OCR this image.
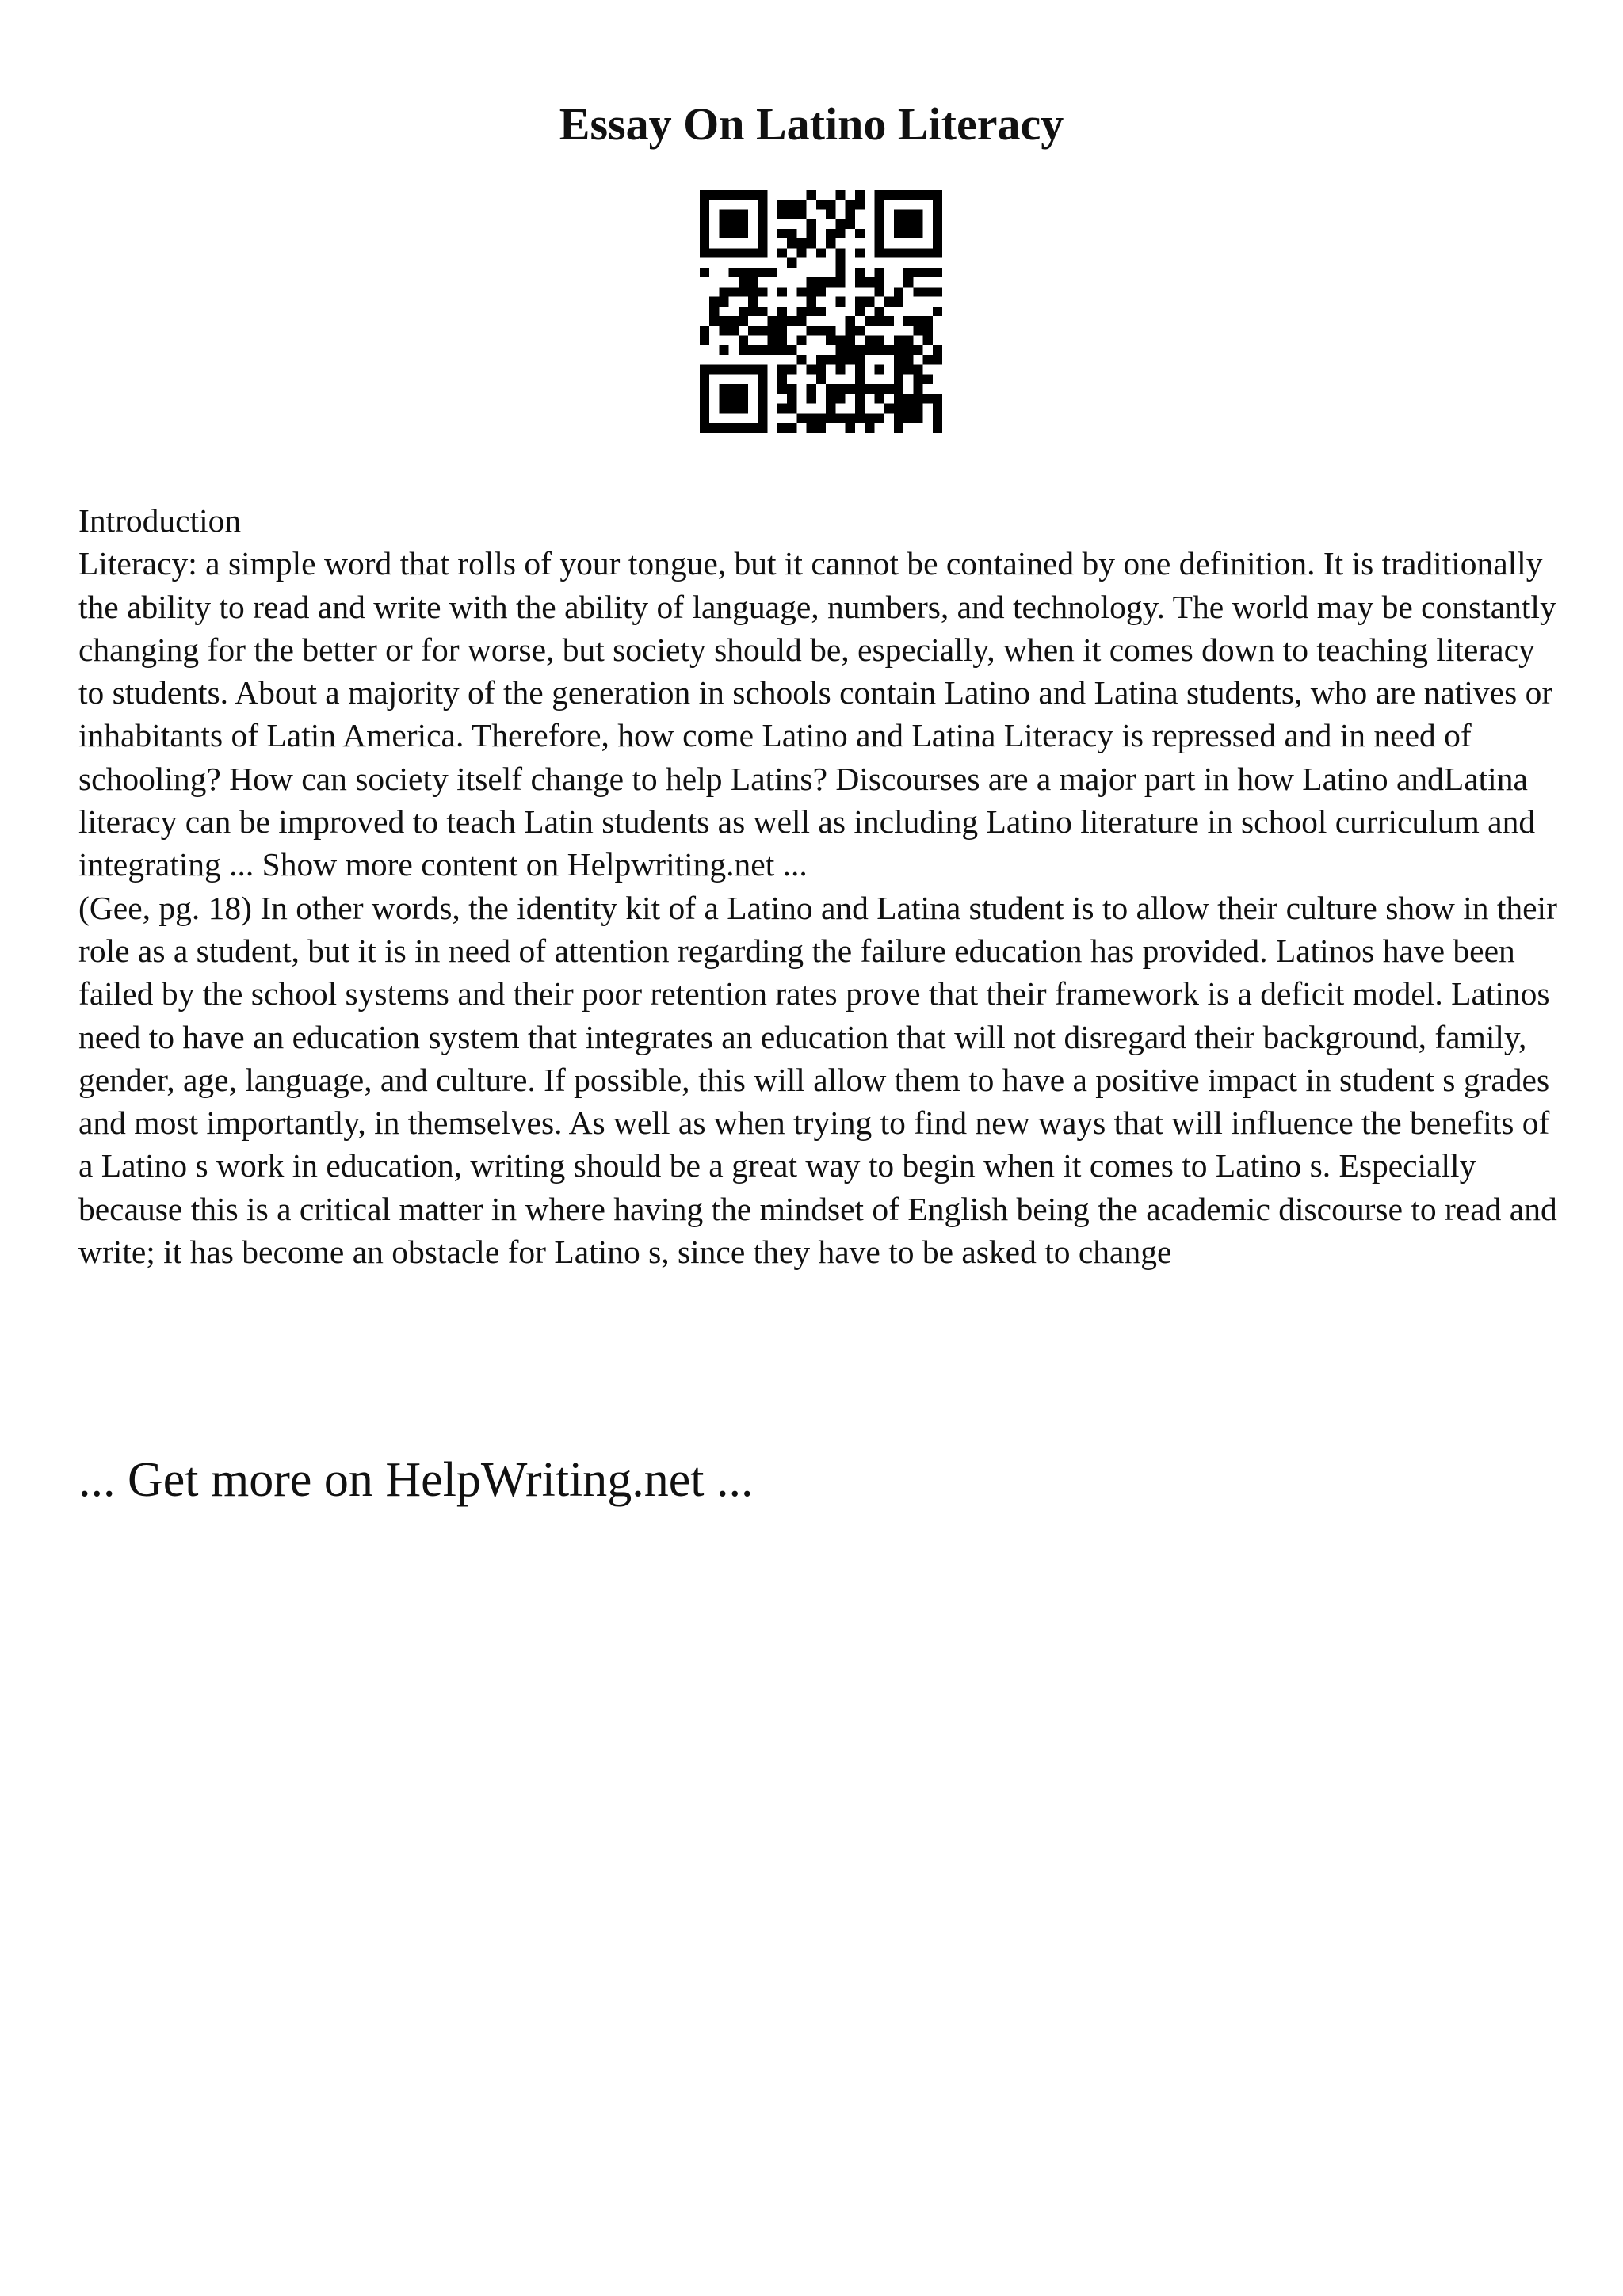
Essay On Latino Literacy

Introduction

Literacy: a simple word that rolls of your tongue, but it cannot be contained by one definition. It is traditionally the ability to read and write with the ability of language, numbers, and technology. The world may be constantly changing for the better or for worse, but society should be, especially, when it comes down to teaching literacy to students. About a majority of the generation in schools contain Latino and Latina students, who are natives or inhabitants of Latin America. Therefore, how come Latino and Latina Literacy is repressed and in need of schooling? How can society itself change to help Latins? Discourses are a major part in how Latino andLatina literacy can be improved to teach Latin students as well as including Latino literature in school curriculum and integrating ... Show more content on Helpwriting.net ...

(Gee, pg. 18) In other words, the identity kit of a Latino and Latina student is to allow their culture show in their role as a student, but it is in need of attention regarding the failure education has provided. Latinos have been failed by the school systems and their poor retention rates prove that their framework is a deficit model. Latinos need to have an education system that integrates an education that will not disregard their background, family, gender, age, language, and culture. If possible, this will allow them to have a positive impact in student s grades and most importantly, in themselves. As well as when trying to find new ways that will influence the benefits of a Latino s work in education, writing should be a great way to begin when it comes to Latino s. Especially because this is a critical matter in where having the mindset of English being the academic discourse to read and write; it has become an obstacle for Latino s, since they have to be asked to change

... Get more on HelpWriting.net ...
